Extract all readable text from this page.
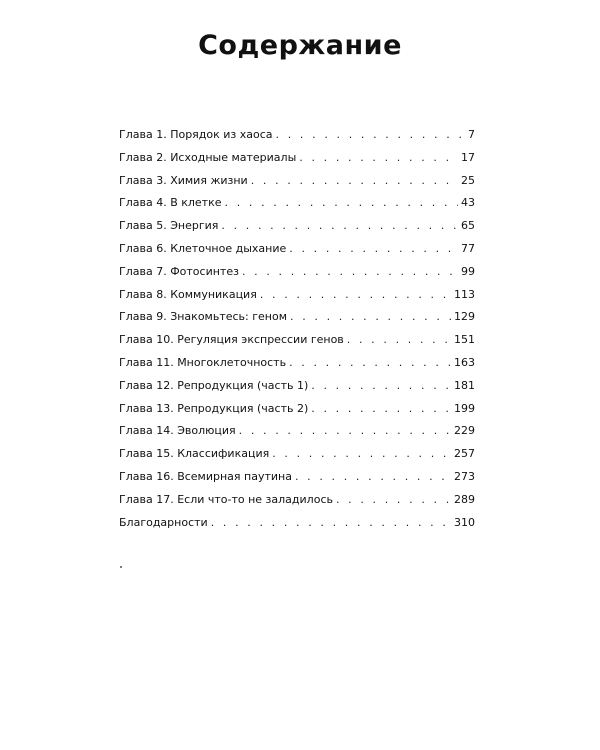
Содержание
Глава 1. Порядок из хаоса . . .	7
Глава 2. Исходные материалы . . .	17
Глава 3. Химия жизни . . .	25
Глава 4. В клетке . . .	43
Глава 5. Энергия . . .	65
Глава 6. Клеточное дыхание . . .	77
Глава 7. Фотосинтез . . .	99
Глава 8. Коммуникация . . .	113
Глава 9. Знакомьтесь: геном . . .	129
Глава 10. Регуляция экспрессии генов . . .	151
Глава 11. Многоклеточность . . .	163
Глава 12. Репродукция (часть 1) . . .	181
Глава 13. Репродукция (часть 2) . . .	199
Глава 14. Эволюция . . .	229
Глава 15. Классификация . . .	257
Глава 16. Всемирная паутина . . .	273
Глава 17. Если что-то не заладилось . . .	289
Благодарности . . .	310
